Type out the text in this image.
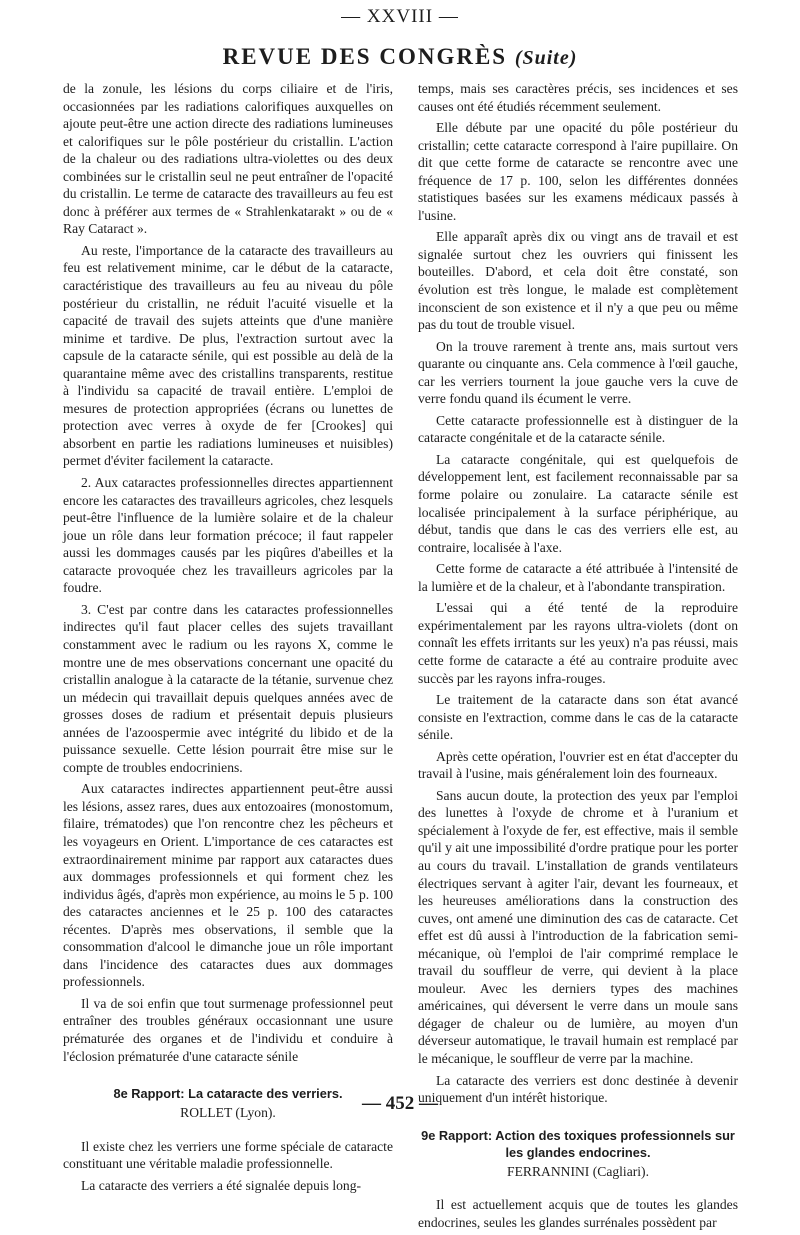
— XXVIII —
REVUE DES CONGRÈS (Suite)

de la zonule, les lésions du corps ciliaire et de l'iris, occasionnées par les radiations calorifiques auxquelles on ajoute peut-être une action directe des radiations lumineuses et calorifiques sur le pôle postérieur du cristallin. L'action de la chaleur ou des radiations ultra-violettes ou des deux combinées sur le cristallin seul ne peut entraîner de l'opacité du cristallin. Le terme de cataracte des travailleurs au feu est donc à préférer aux termes de « Strahlenkatarakt » ou de « Ray Cataract ».

Au reste, l'importance de la cataracte des travailleurs au feu est relativement minime, car le début de la cataracte, caractéristique des travailleurs au feu au niveau du pôle postérieur du cristallin, ne réduit l'acuité visuelle et la capacité de travail des sujets atteints que d'une manière minime et tardive. De plus, l'extraction surtout avec la capsule de la cataracte sénile, qui est possible au delà de la quarantaine même avec des cristallins transparents, restitue à l'individu sa capacité de travail entière. L'emploi de mesures de protection appropriées (écrans ou lunettes de protection avec verres à oxyde de fer [Crookes] qui absorbent en partie les radiations lumineuses et nuisibles) permet d'éviter facilement la cataracte.

2. Aux cataractes professionnelles directes appartiennent encore les cataractes des travailleurs agricoles, chez lesquels peut-être l'influence de la lumière solaire et de la chaleur joue un rôle dans leur formation précoce; il faut rappeler aussi les dommages causés par les piqûres d'abeilles et la cataracte provoquée chez les travailleurs agricoles par la foudre.

3. C'est par contre dans les cataractes professionnelles indirectes qu'il faut placer celles des sujets travaillant constamment avec le radium ou les rayons X, comme le montre une de mes observations concernant une opacité du cristallin analogue à la cataracte de la tétanie, survenue chez un médecin qui travaillait depuis quelques années avec de grosses doses de radium et présentait depuis plusieurs années de l'azoospermie avec intégrité du libido et de la puissance sexuelle. Cette lésion pourrait être mise sur le compte de troubles endocriniens.

Aux cataractes indirectes appartiennent peut-être aussi les lésions, assez rares, dues aux entozoaires (monostomum, filaire, trématodes) que l'on rencontre chez les pêcheurs et les voyageurs en Orient. L'importance de ces cataractes est extraordinairement minime par rapport aux cataractes dues aux dommages professionnels et qui forment chez les individus âgés, d'après mon expérience, au moins le 5 p. 100 des cataractes anciennes et le 25 p. 100 des cataractes récentes. D'après mes observations, il semble que la consommation d'alcool le dimanche joue un rôle important dans l'incidence des cataractes dues aux dommages professionnels.

Il va de soi enfin que tout surmenage professionnel peut entraîner des troubles généraux occasionnant une usure prématurée des organes et de l'individu et conduire à l'éclosion prématurée d'une cataracte sénile

8e Rapport: La cataracte des verriers.
ROLLET (Lyon).

Il existe chez les verriers une forme spéciale de cataracte constituant une véritable maladie professionnelle.

La cataracte des verriers a été signalée depuis long-

temps, mais ses caractères précis, ses incidences et ses causes ont été étudiés récemment seulement.

Elle débute par une opacité du pôle postérieur du cristallin; cette cataracte correspond à l'aire pupillaire. On dit que cette forme de cataracte se rencontre avec une fréquence de 17 p. 100, selon les différentes données statistiques basées sur les examens médicaux passés à l'usine.

Elle apparaît après dix ou vingt ans de travail et est signalée surtout chez les ouvriers qui finissent les bouteilles. D'abord, et cela doit être constaté, son évolution est très longue, le malade est complètement inconscient de son existence et il n'y a que peu ou même pas du tout de trouble visuel.

On la trouve rarement à trente ans, mais surtout vers quarante ou cinquante ans. Cela commence à l'œil gauche, car les verriers tournent la joue gauche vers la cuve de verre fondu quand ils écument le verre.

Cette cataracte professionnelle est à distinguer de la cataracte congénitale et de la cataracte sénile.

La cataracte congénitale, qui est quelquefois de développement lent, est facilement reconnaissable par sa forme polaire ou zonulaire. La cataracte sénile est localisée principalement à la surface périphérique, au début, tandis que dans le cas des verriers elle est, au contraire, localisée à l'axe.

Cette forme de cataracte a été attribuée à l'intensité de la lumière et de la chaleur, et à l'abondante transpiration.

L'essai qui a été tenté de la reproduire expérimentalement par les rayons ultra-violets (dont on connaît les effets irritants sur les yeux) n'a pas réussi, mais cette forme de cataracte a été au contraire produite avec succès par les rayons infra-rouges.

Le traitement de la cataracte dans son état avancé consiste en l'extraction, comme dans le cas de la cataracte sénile.

Après cette opération, l'ouvrier est en état d'accepter du travail à l'usine, mais généralement loin des fourneaux.

Sans aucun doute, la protection des yeux par l'emploi des lunettes à l'oxyde de chrome et à l'uranium et spécialement à l'oxyde de fer, est effective, mais il semble qu'il y ait une impossibilité d'ordre pratique pour les porter au cours du travail. L'installation de grands ventilateurs électriques servant à agiter l'air, devant les fourneaux, et les heureuses améliorations dans la construction des cuves, ont amené une diminution des cas de cataracte. Cet effet est dû aussi à l'introduction de la fabrication semi-mécanique, où l'emploi de l'air comprimé remplace le travail du souffleur de verre, qui devient à la place mouleur. Avec les derniers types des machines américaines, qui déversent le verre dans un moule sans dégager de chaleur ou de lumière, au moyen d'un déverseur automatique, le travail humain est remplacé par le mécanique, le souffleur de verre par la machine.

La cataracte des verriers est donc destinée à devenir uniquement d'un intérêt historique.

9e Rapport: Action des toxiques professionnels sur les glandes endocrines.
FERRANNINI (Cagliari).

Il est actuellement acquis que de toutes les glandes endocrines, seules les glandes surrénales possèdent par

— 452 —
